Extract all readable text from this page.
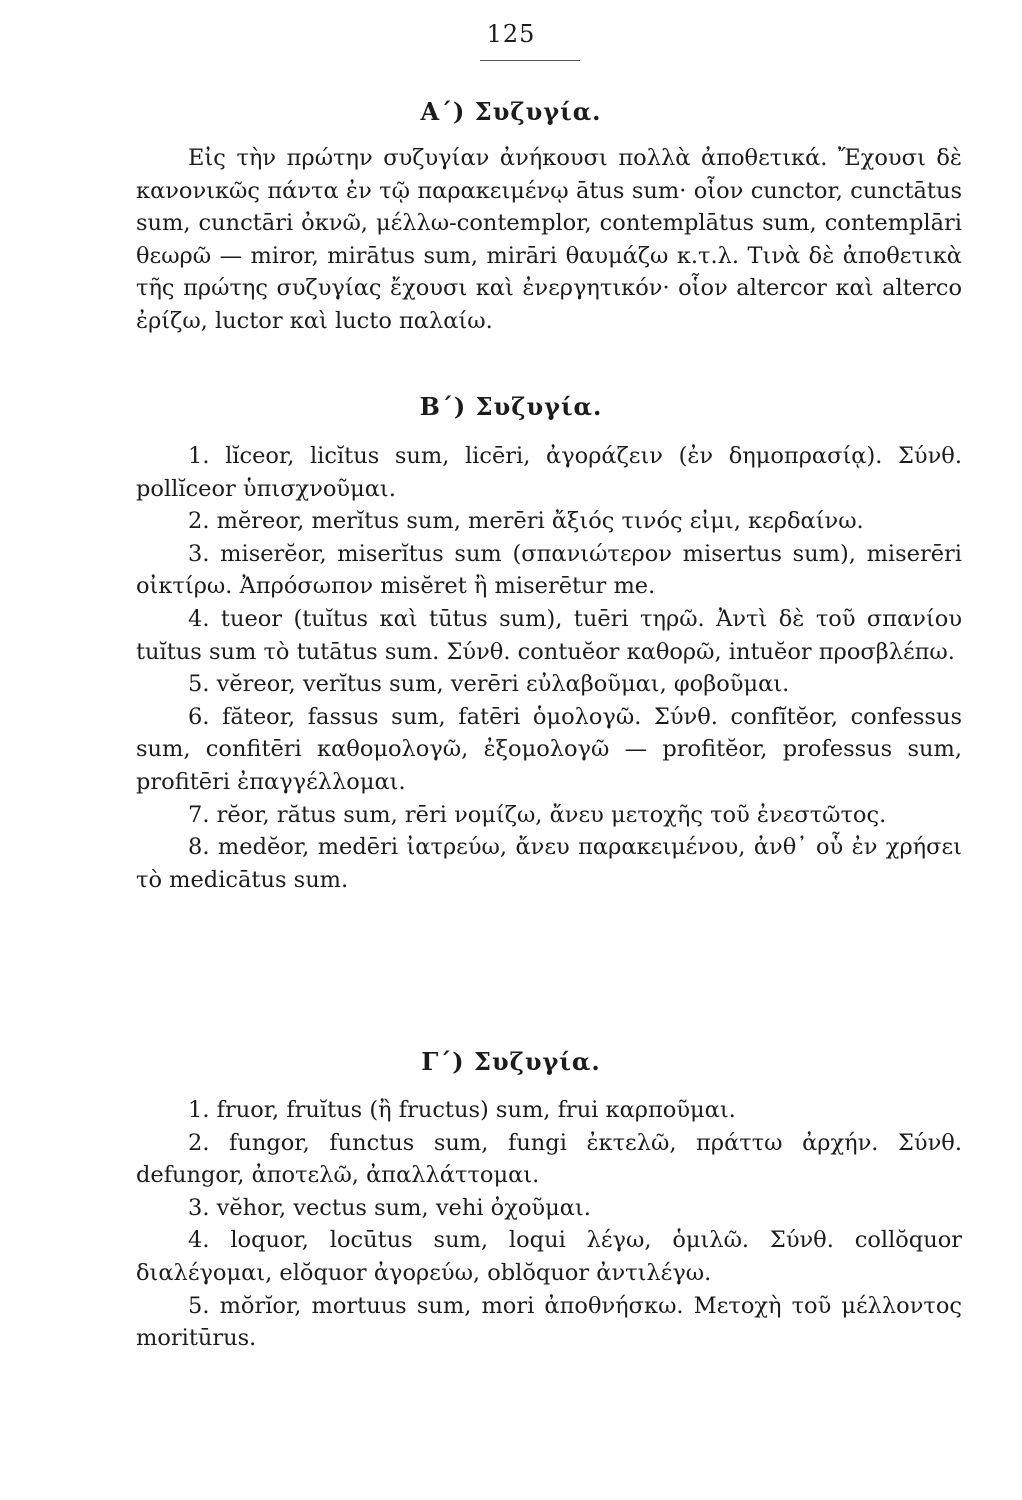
125
Α΄) Συζυγία.

Εἰς τὴν πρώτην συζυγίαν ἀνήκουσι πολλὰ ἀποθετικά. Ἔχουσι δὲ κανονικῶς πάντα ἐν τῷ παρακειμένῳ ātus sum· οἷον cunctor, cunctātus sum, cunctāri ὀκνῶ, μέλλω-contemplor, contemplātus sum, contemplāri θεωρῶ — miror, mirātus sum, mirāri θαυμάζω κ.τ.λ. Τινὰ δὲ ἀποθετικὰ τῆς πρώτης συζυγίας ἔχουσι καὶ ἐνεργητικόν· οἷον altercor καὶ alterco ἐρίζω, luctor καὶ lucto παλαίω.

Β΄) Συζυγία.
1. lĭceor, licĭtus sum, licēri, ἀγοράζειν (ἐν δημοπρασίᾳ). Σύνθ. pollĭceor ὑπισχνοῦμαι.
2. mĕreor, merĭtus sum, merēri ἄξιός τινός εἰμι, κερδαίνω.
3. miserĕor, miserĭtus sum (σπανιώτερον misertus sum), miserēri οἰκτίρω. Ἀπρόσωπον misĕret ἢ miserētur me.
4. tueor (tuĭtus καὶ tūtus sum), tuēri τηρῶ. Ἀντὶ δὲ τοῦ σπανίου tuĭtus sum τὸ tutātus sum. Σύνθ. contuĕor καθορῶ, intuĕor προσβλέπω.
5. vĕreor, verĭtus sum, verēri εὐλαβοῦμαι, φοβοῦμαι.
6. făteor, fassus sum, fatēri ὁμολογῶ. Σύνθ. confĭtĕor, confessus sum, confitēri καθομολογῶ, ἐξομολογῶ — profitĕor, professus sum, profitēri ἐπαγγέλλομαι.
7. rĕor, rătus sum, rēri νομίζω, ἄνευ μετοχῆς τοῦ ἐνεστῶτος.
8. medĕor, medēri ἰατρεύω, ἄνευ παρακειμένου, ἀνθ᾽ οὗ ἐν χρήσει τὸ medicātus sum.
Γ΄) Συζυγία.
1. fruor, fruĭtus (ἢ fructus) sum, frui καρποῦμαι.
2. fungor, functus sum, fungi ἐκτελῶ, πράττω ἀρχήν. Σύνθ. defungor, ἀποτελῶ, ἀπαλλάττομαι.
3. vĕhor, vectus sum, vehi ὀχοῦμαι.
4. loquor, locūtus sum, loqui λέγω, ὁμιλῶ. Σύνθ. collŏquor διαλέγομαι, elŏquor ἀγορεύω, oblŏquor ἀντιλέγω.
5. mŏrĭor, mortuus sum, mori ἀποθνήσκω. Μετοχὴ τοῦ μέλλοντος moritūrus.
